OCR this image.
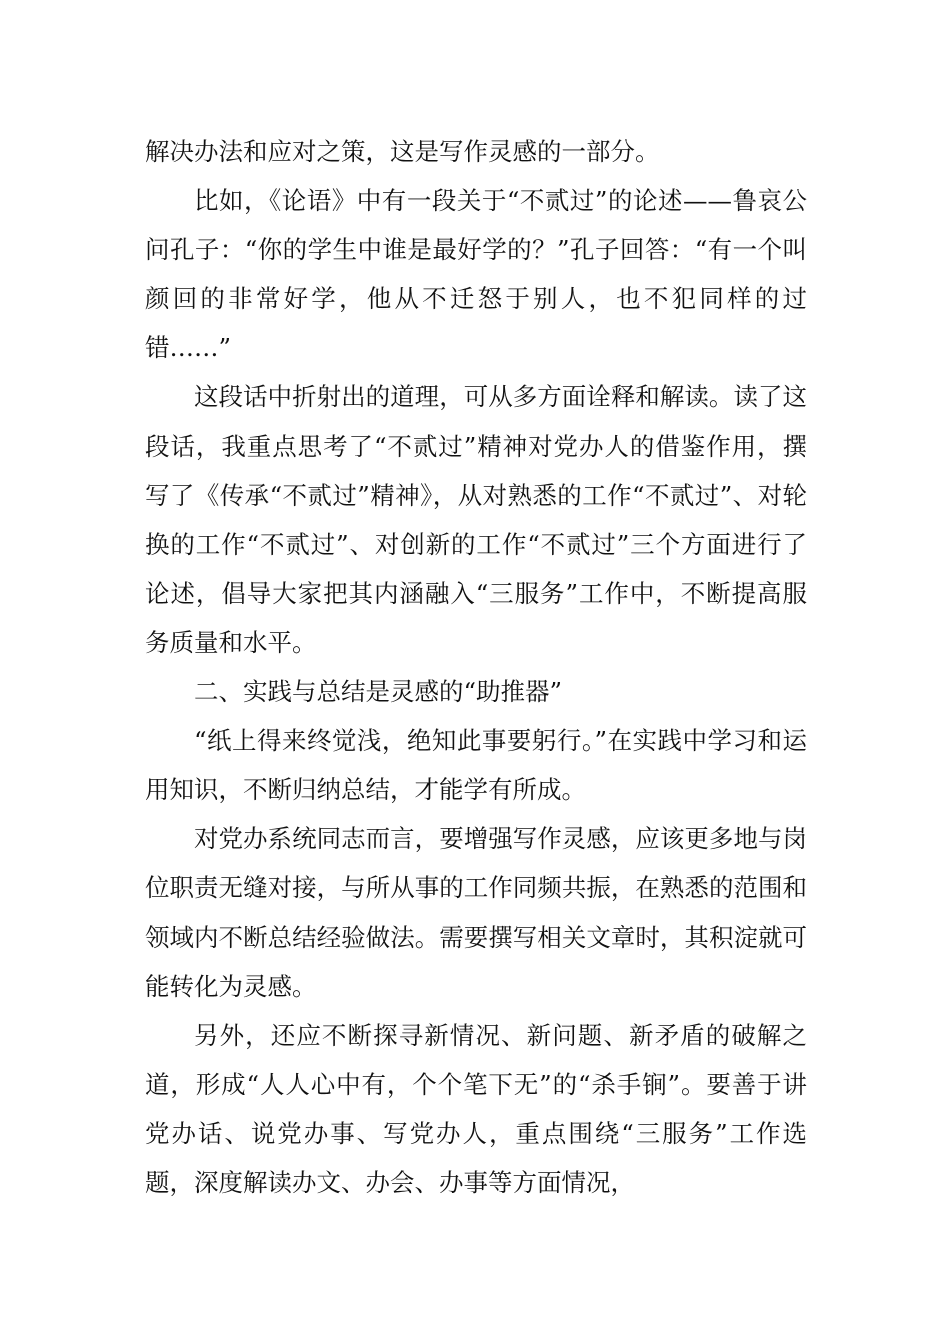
解决办法和应对之策，这是写作灵感的一部分。

比如，《论语》中有一段关于“不贰过”的论述——鲁哀公问孔子：“你的学生中谁是最好学的？”孔子回答：“有一个叫颜回的非常好学，他从不迁怒于别人，也不犯同样的过错……”

这段话中折射出的道理，可从多方面诠释和解读。读了这段话，我重点思考了“不贰过”精神对党办人的借鉴作用，撰写了《传承“不贰过”精神》，从对熟悉的工作“不贰过”、对轮换的工作“不贰过”、对创新的工作“不贰过”三个方面进行了论述，倡导大家把其内涵融入“三服务”工作中，不断提高服务质量和水平。

二、实践与总结是灵感的“助推器”

“纸上得来终觉浅，绝知此事要躬行。”在实践中学习和运用知识，不断归纳总结，才能学有所成。

对党办系统同志而言，要增强写作灵感，应该更多地与岗位职责无缝对接，与所从事的工作同频共振，在熟悉的范围和领域内不断总结经验做法。需要撰写相关文章时，其积淀就可能转化为灵感。

另外，还应不断探寻新情况、新问题、新矛盾的破解之道，形成“人人心中有，个个笔下无”的“杀手锏”。要善于讲党办话、说党办事、写党办人，重点围绕“三服务”工作选题，深度解读办文、办会、办事等方面情况，
